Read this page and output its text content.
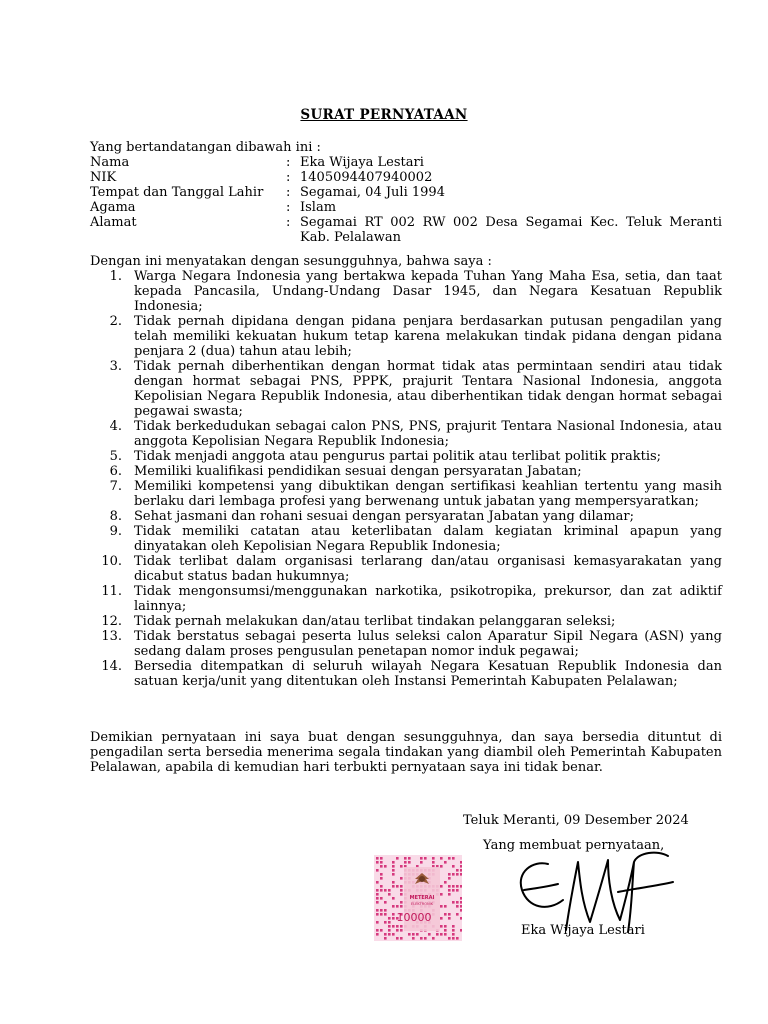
SURAT PERNYATAAN
Yang bertandatangan dibawah ini :
Nama	: Eka Wijaya Lestari
NIK	: 1405094407940002
Tempat dan Tanggal Lahir	: Segamai, 04 Juli 1994
Agama	: Islam
Alamat	: Segamai RT 002 RW 002 Desa Segamai Kec. Teluk Meranti Kab. Pelalawan
Dengan ini menyatakan dengan sesungguhnya, bahwa saya :
1. Warga Negara Indonesia yang bertakwa kepada Tuhan Yang Maha Esa, setia, dan taat kepada Pancasila, Undang-Undang Dasar 1945, dan Negara Kesatuan Republik Indonesia;
2. Tidak pernah dipidana dengan pidana penjara berdasarkan putusan pengadilan yang telah memiliki kekuatan hukum tetap karena melakukan tindak pidana dengan pidana penjara 2 (dua) tahun atau lebih;
3. Tidak pernah diberhentikan dengan hormat tidak atas permintaan sendiri atau tidak dengan hormat sebagai PNS, PPPK, prajurit Tentara Nasional Indonesia, anggota Kepolisian Negara Republik Indonesia, atau diberhentikan tidak dengan hormat sebagai pegawai swasta;
4. Tidak berkedudukan sebagai calon PNS, PNS, prajurit Tentara Nasional Indonesia, atau anggota Kepolisian Negara Republik Indonesia;
5. Tidak menjadi anggota atau pengurus partai politik atau terlibat politik praktis;
6. Memiliki kualifikasi pendidikan sesuai dengan persyaratan Jabatan;
7. Memiliki kompetensi yang dibuktikan dengan sertifikasi keahlian tertentu yang masih berlaku dari lembaga profesi yang berwenang untuk jabatan yang mempersyaratkan;
8. Sehat jasmani dan rohani sesuai dengan persyaratan Jabatan yang dilamar;
9. Tidak memiliki catatan atau keterlibatan dalam kegiatan kriminal apapun yang dinyatakan oleh Kepolisian Negara Republik Indonesia;
10. Tidak terlibat dalam organisasi terlarang dan/atau organisasi kemasyarakatan yang dicabut status badan hukumnya;
11. Tidak mengonsumsi/menggunakan narkotika, psikotropika, prekursor, dan zat adiktif lainnya;
12. Tidak pernah melakukan dan/atau terlibat tindakan pelanggaran seleksi;
13. Tidak berstatus sebagai peserta lulus seleksi calon Aparatur Sipil Negara (ASN) yang sedang dalam proses pengusulan penetapan nomor induk pegawai;
14. Bersedia ditempatkan di seluruh wilayah Negara Kesatuan Republik Indonesia dan satuan kerja/unit yang ditentukan oleh Instansi Pemerintah Kabupaten Pelalawan;
Demikian pernyataan ini saya buat dengan sesungguhnya, dan saya bersedia dituntut di pengadilan serta bersedia menerima segala tindakan yang diambil oleh Pemerintah Kabupaten Pelalawan, apabila di kemudian hari terbukti pernyataan saya ini tidak benar.
Teluk Meranti, 09 Desember 2024
Yang membuat pernyataan,
METERAI
ELEKTRONIK
10000
Eka Wijaya Lestari
